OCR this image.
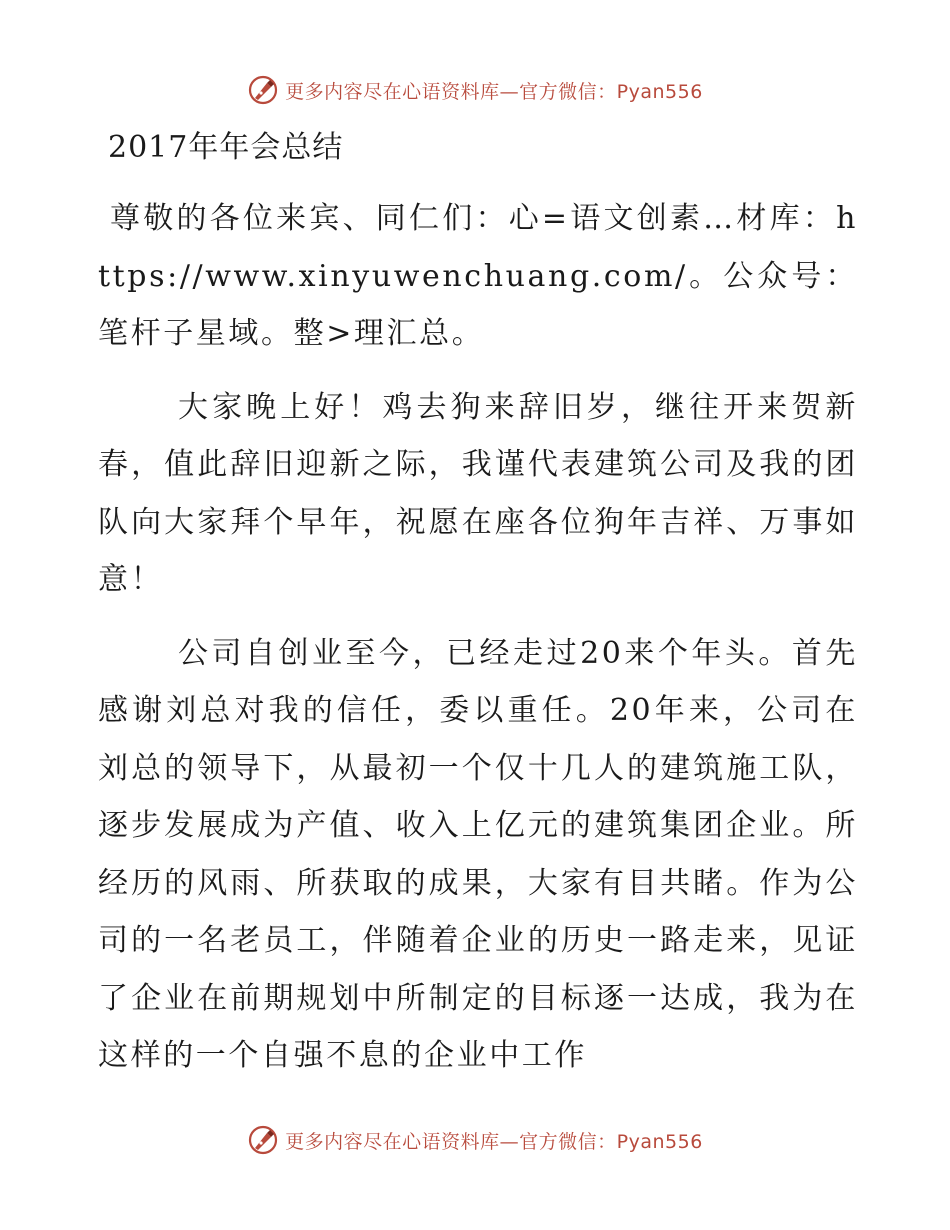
更多内容尽在心语资料库—官方微信：Pyan556
2017年年会总结

尊敬的各位来宾、同仁们：心=语文创素…材库：https://www.xinyuwenchuang.com/。公众号：笔杆子星域。整>理汇总。

大家晚上好！鸡去狗来辞旧岁，继往开来贺新春，值此辞旧迎新之际，我谨代表建筑公司及我的团队向大家拜个早年，祝愿在座各位狗年吉祥、万事如意！

公司自创业至今，已经走过20来个年头。首先感谢刘总对我的信任，委以重任。20年来，公司在刘总的领导下，从最初一个仅十几人的建筑施工队，逐步发展成为产值、收入上亿元的建筑集团企业。所经历的风雨、所获取的成果，大家有目共睹。作为公司的一名老员工，伴随着企业的历史一路走来，见证了企业在前期规划中所制定的目标逐一达成，我为在这样的一个自强不息的企业中工作

更多内容尽在心语资料库—官方微信：Pyan556
